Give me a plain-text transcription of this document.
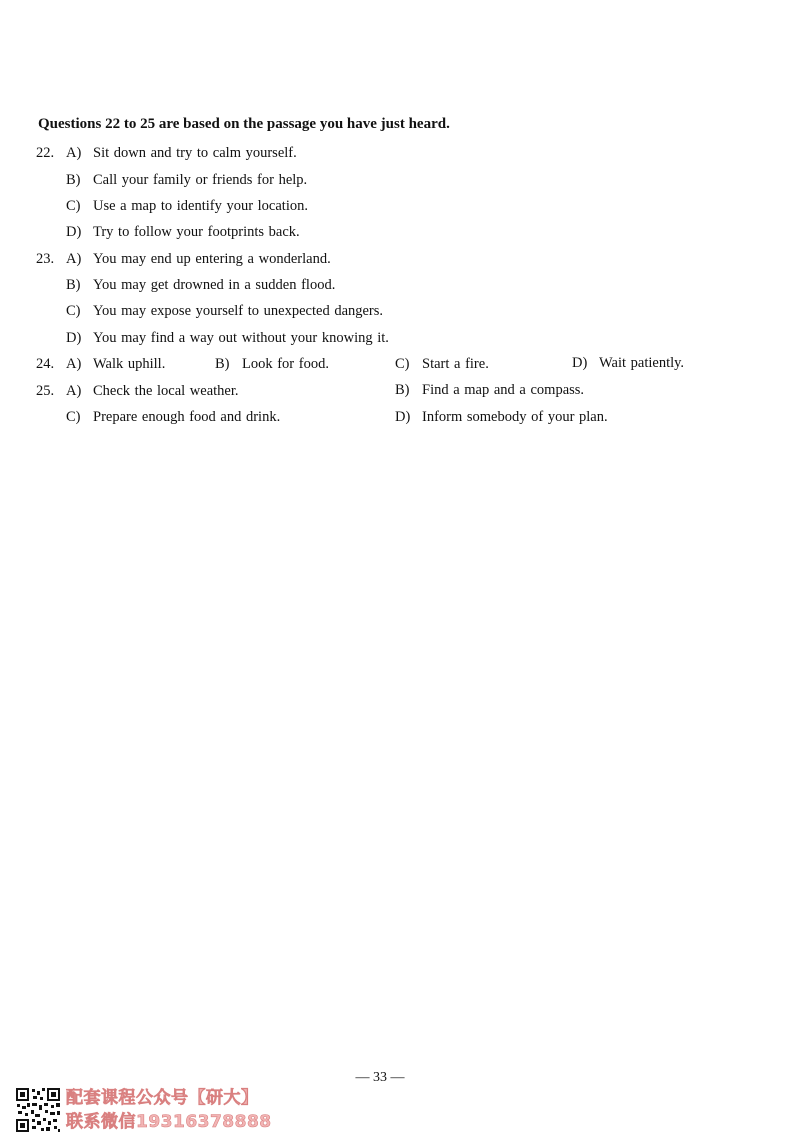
Questions 22 to 25 are based on the passage you have just heard.
22. A) Sit down and try to calm yourself.
B) Call your family or friends for help.
C) Use a map to identify your location.
D) Try to follow your footprints back.
23. A) You may end up entering a wonderland.
B) You may get drowned in a sudden flood.
C) You may expose yourself to unexpected dangers.
D) You may find a way out without your knowing it.
24. A) Walk uphill.	B) Look for food.	C) Start a fire.	D) Wait patiently.
25. A) Check the local weather.	B) Find a map and a compass.
C) Prepare enough food and drink.	D) Inform somebody of your plan.
— 33 —
配套课程公众号【研大】
联系微信19316378888
